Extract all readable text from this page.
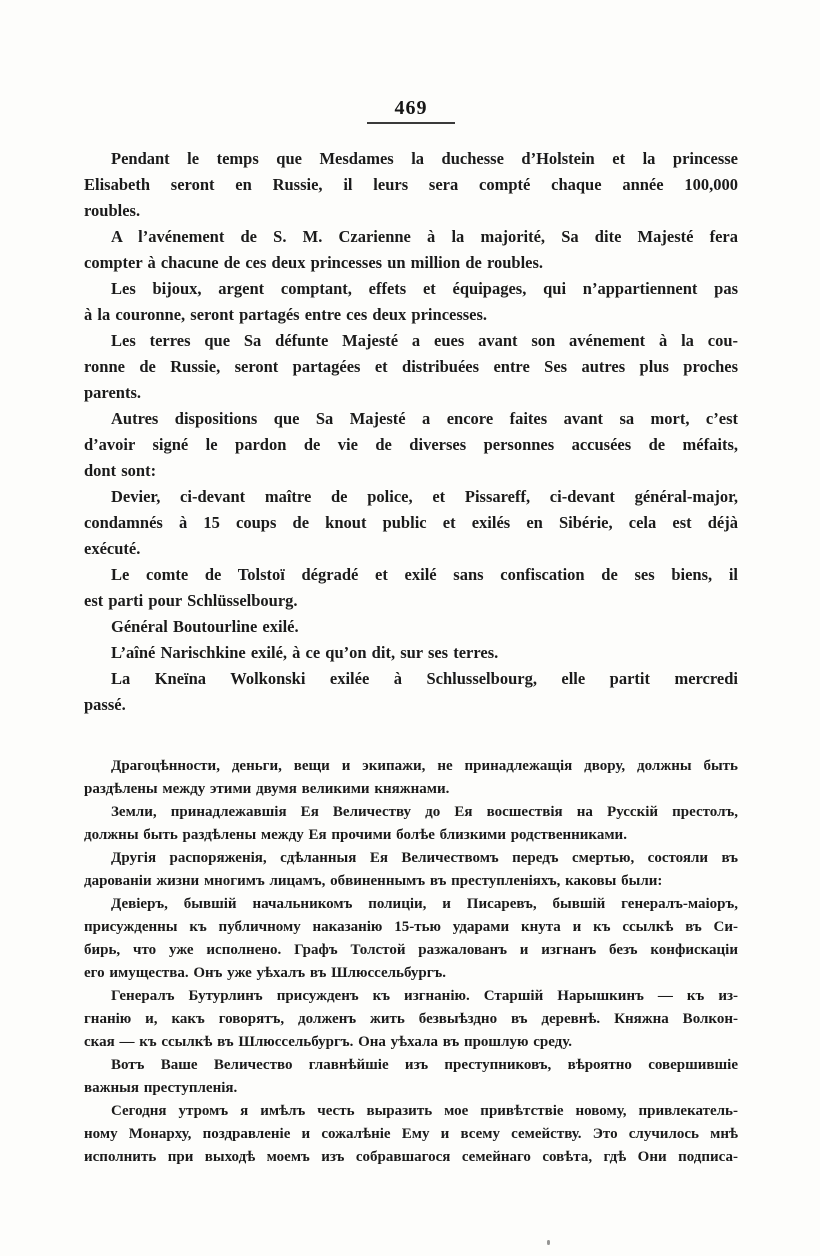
469
Pendant le temps que Mesdames la duchesse d’Holstein et la princesse
Elisabeth seront en Russie, il leurs sera compté chaque année 100,000
roubles.
A l’avénement de S. M. Czarienne à la majorité, Sa dite Majesté fera
compter à chacune de ces deux princesses un million de roubles.
Les bijoux, argent comptant, effets et équipages, qui n’appartiennent pas
à la couronne, seront partagés entre ces deux princesses.
Les terres que Sa défunte Majesté a eues avant son avénement à la cou-
ronne de Russie, seront partagées et distribuées entre Ses autres plus proches
parents.
Autres dispositions que Sa Majesté a encore faites avant sa mort, c’est
d’avoir signé le pardon de vie de diverses personnes accusées de méfaits,
dont sont:
Devier, ci-devant maître de police, et Pissareff, ci-devant général-major,
condamnés à 15 coups de knout public et exilés en Sibérie, cela est déjà
exécuté.
Le comte de Tolstoï dégradé et exilé sans confiscation de ses biens, il
est parti pour Schlüsselbourg.
Général Boutourline exilé.
L’aîné Narischkine exilé, à ce qu’on dit, sur ses terres.
La Kneïna Wolkonski exilée à Schlusselbourg, elle partit mercredi
passé.
Драгоцѣнности, деньги, вещи и экипажи, не принадлежащія двору, должны быть
раздѣлены между этими двумя великими княжнами.
Земли, принадлежавшія Ея Величеству до Ея восшествія на Русскій престолъ,
должны быть раздѣлены между Ея прочими болѣе близкими родственниками.
Другія распоряженія, сдѣланныя Ея Величествомъ передъ смертью, состояли въ
дарованіи жизни многимъ лицамъ, обвиненнымъ въ преступленіяхъ, каковы были:
Девіеръ, бывшій начальникомъ полиціи, и Писаревъ, бывшій генералъ-маіоръ,
присужденны къ публичному наказанію 15-тью ударами кнута и къ ссылкѣ въ Си-
бирь, что уже исполнено. Графъ Толстой разжалованъ и изгнанъ безъ конфискаціи
его имущества. Онъ уже уѣхалъ въ Шлюссельбургъ.
Генералъ Бутурлинъ присужденъ къ изгнанію. Старшій Нарышкинъ — къ из-
гнанію и, какъ говорятъ, долженъ жить безвыѣздно въ деревнѣ. Княжна Волкон-
ская — къ ссылкѣ въ Шлюссельбургъ. Она уѣхала въ прошлую среду.
Вотъ Ваше Величество главнѣйшіе изъ преступниковъ, вѣроятно совершившіе
важныя преступленія.
Сегодня утромъ я имѣлъ честь выразить мое привѣтствіе новому, привлекатель-
ному Монарху, поздравленіе и сожалѣніе Ему и всему семейству. Это случилось мнѣ
исполнить при выходѣ моемъ изъ собравшагося семейнаго совѣта, гдѣ Они подписа-
